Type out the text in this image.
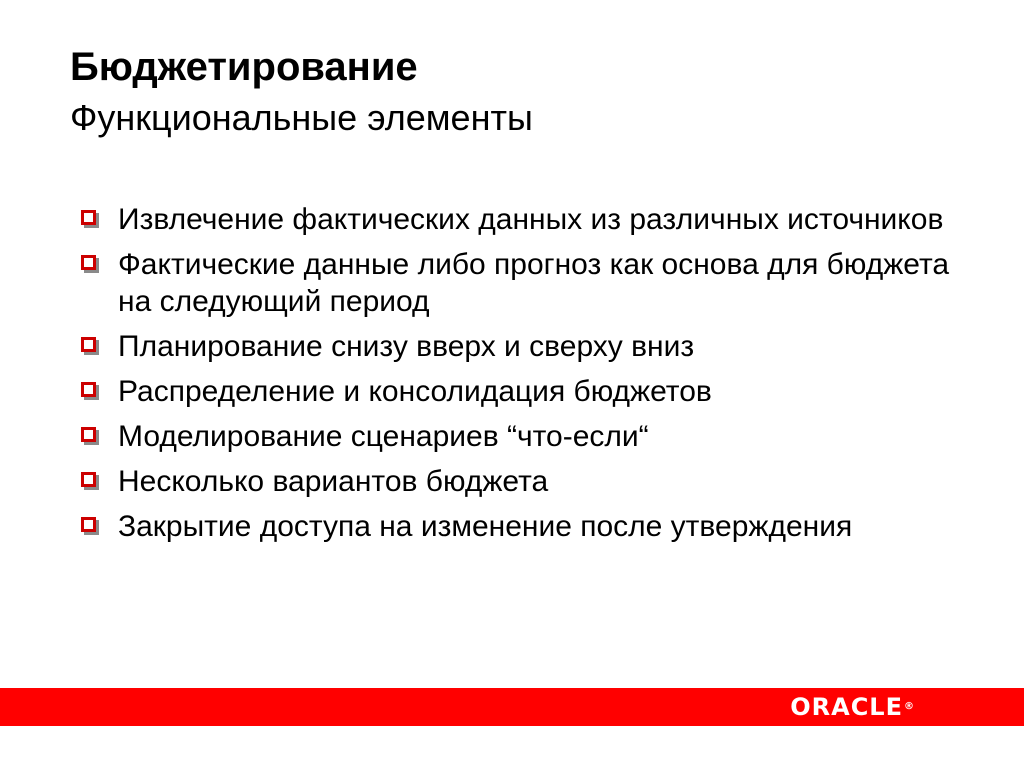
Бюджетирование
Функциональные элементы
Извлечение фактических данных из различных источников
Фактические данные либо прогноз как основа для бюджета на следующий период
Планирование снизу вверх и сверху вниз
Распределение и консолидация бюджетов
Моделирование сценариев “что-если“
Несколько вариантов бюджета
Закрытие доступа на изменение после утверждения
ORACLE®
